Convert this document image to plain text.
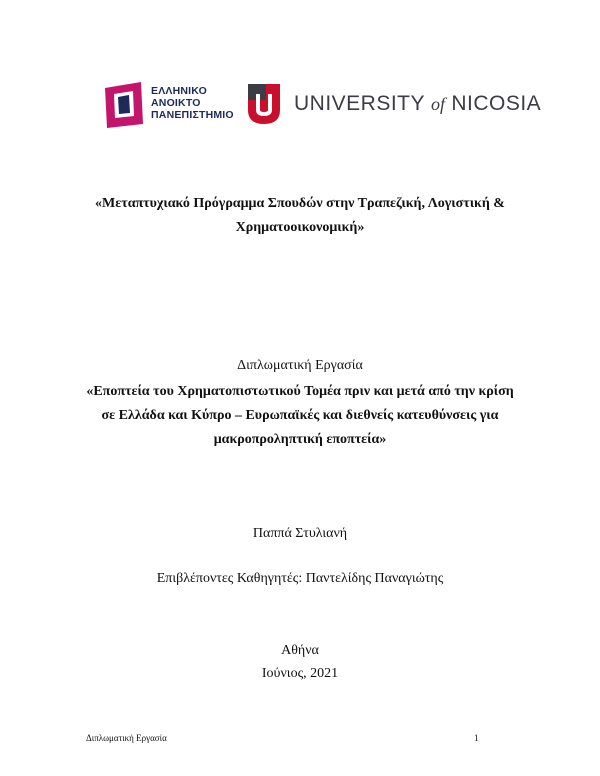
ΕΛΛΗΝΙΚΟ
ΑΝΟΙΚΤΟ
ΠΑΝΕΠΙΣΤΗΜΙΟ	UNIVERSITY of NICOSIA
«Μεταπτυχιακό Πρόγραμμα Σπουδών στην Τραπεζική, Λογιστική &
Χρηματοοικονομική»
Διπλωματική Εργασία
«Εποπτεία του Χρηματοπιστωτικού Τομέα πριν και μετά από την κρίση
σε Ελλάδα και Κύπρο – Ευρωπαϊκές και διεθνείς κατευθύνσεις για
μακροπροληπτική εποπτεία»
Παππά Στυλιανή
Επιβλέποντες Καθηγητές: Παντελίδης Παναγιώτης
Αθήνα
Ιούνιος, 2021
Διπλωματική Εργασία	1
